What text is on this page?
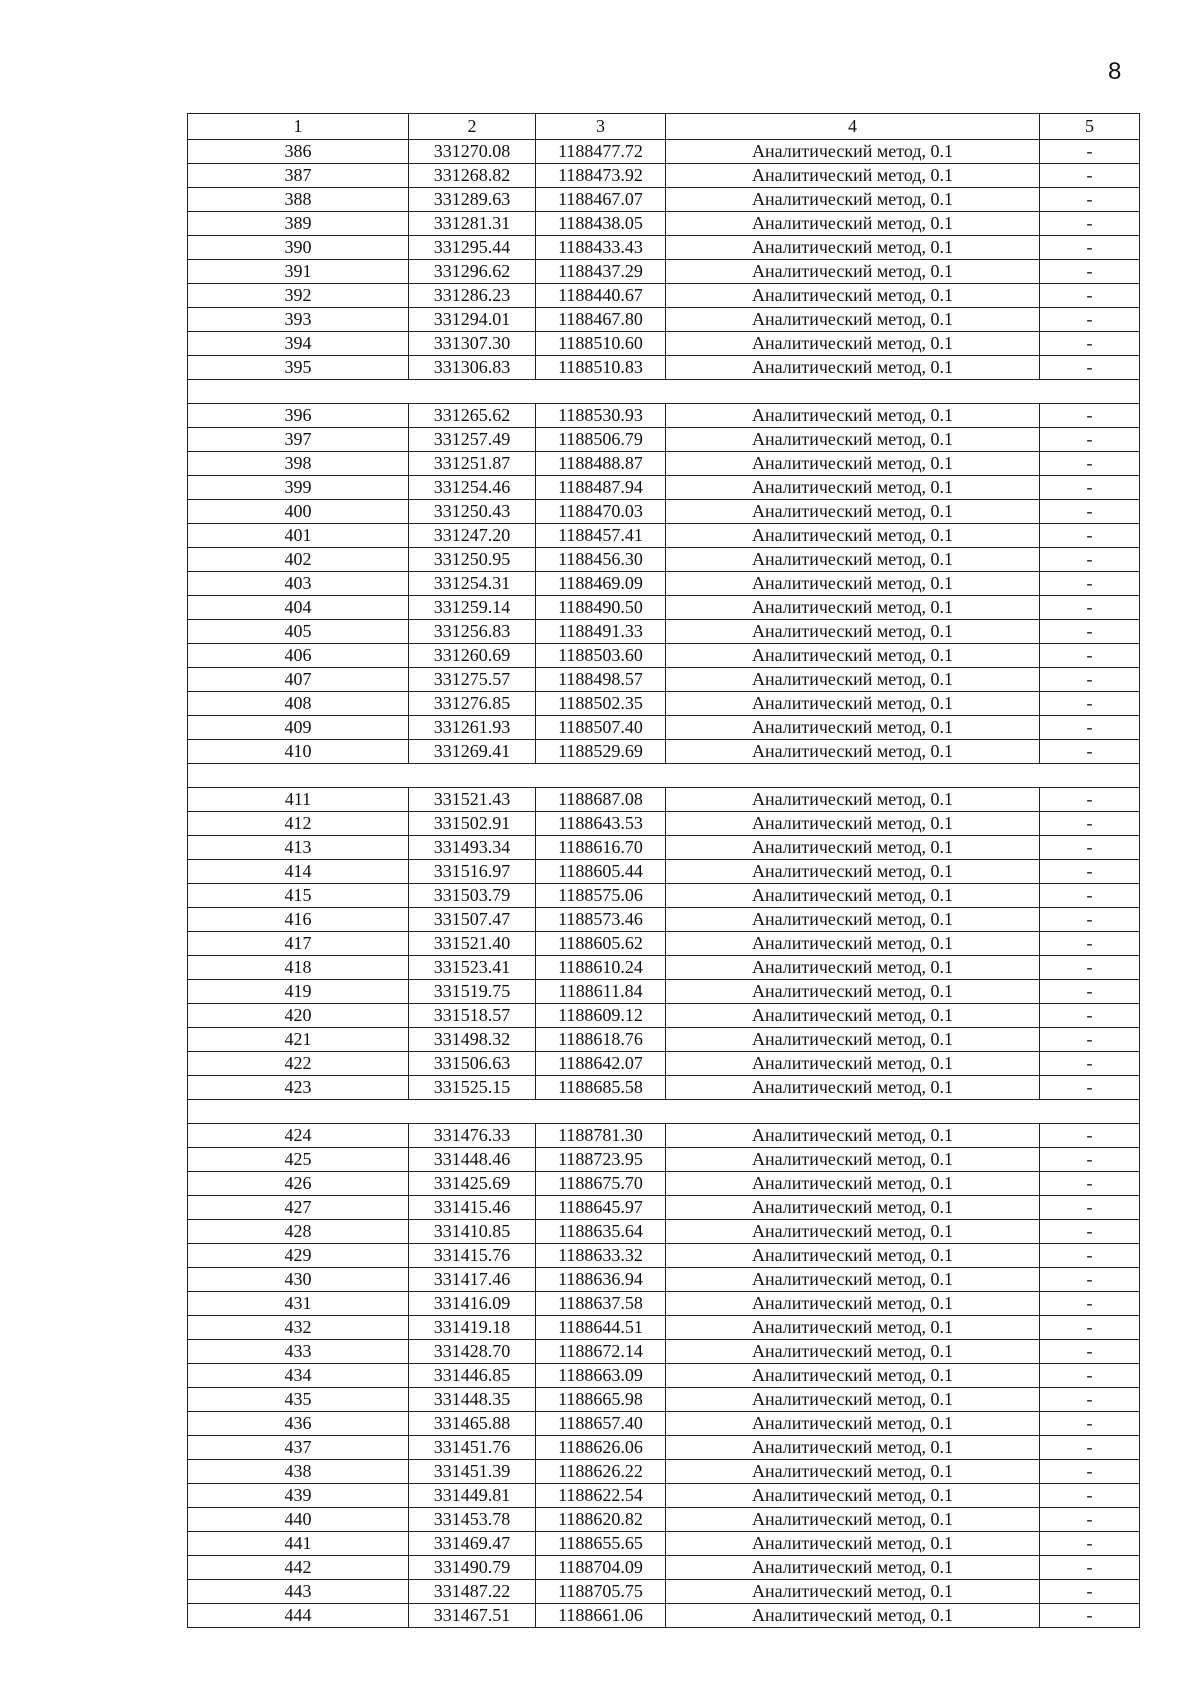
8
1	2	3	4	5
386	331270.08	1188477.72	Аналитический метод, 0.1	-
387	331268.82	1188473.92	Аналитический метод, 0.1	-
388	331289.63	1188467.07	Аналитический метод, 0.1	-
389	331281.31	1188438.05	Аналитический метод, 0.1	-
390	331295.44	1188433.43	Аналитический метод, 0.1	-
391	331296.62	1188437.29	Аналитический метод, 0.1	-
392	331286.23	1188440.67	Аналитический метод, 0.1	-
393	331294.01	1188467.80	Аналитический метод, 0.1	-
394	331307.30	1188510.60	Аналитический метод, 0.1	-
395	331306.83	1188510.83	Аналитический метод, 0.1	-

396	331265.62	1188530.93	Аналитический метод, 0.1	-
397	331257.49	1188506.79	Аналитический метод, 0.1	-
398	331251.87	1188488.87	Аналитический метод, 0.1	-
399	331254.46	1188487.94	Аналитический метод, 0.1	-
400	331250.43	1188470.03	Аналитический метод, 0.1	-
401	331247.20	1188457.41	Аналитический метод, 0.1	-
402	331250.95	1188456.30	Аналитический метод, 0.1	-
403	331254.31	1188469.09	Аналитический метод, 0.1	-
404	331259.14	1188490.50	Аналитический метод, 0.1	-
405	331256.83	1188491.33	Аналитический метод, 0.1	-
406	331260.69	1188503.60	Аналитический метод, 0.1	-
407	331275.57	1188498.57	Аналитический метод, 0.1	-
408	331276.85	1188502.35	Аналитический метод, 0.1	-
409	331261.93	1188507.40	Аналитический метод, 0.1	-
410	331269.41	1188529.69	Аналитический метод, 0.1	-

411	331521.43	1188687.08	Аналитический метод, 0.1	-
412	331502.91	1188643.53	Аналитический метод, 0.1	-
413	331493.34	1188616.70	Аналитический метод, 0.1	-
414	331516.97	1188605.44	Аналитический метод, 0.1	-
415	331503.79	1188575.06	Аналитический метод, 0.1	-
416	331507.47	1188573.46	Аналитический метод, 0.1	-
417	331521.40	1188605.62	Аналитический метод, 0.1	-
418	331523.41	1188610.24	Аналитический метод, 0.1	-
419	331519.75	1188611.84	Аналитический метод, 0.1	-
420	331518.57	1188609.12	Аналитический метод, 0.1	-
421	331498.32	1188618.76	Аналитический метод, 0.1	-
422	331506.63	1188642.07	Аналитический метод, 0.1	-
423	331525.15	1188685.58	Аналитический метод, 0.1	-

424	331476.33	1188781.30	Аналитический метод, 0.1	-
425	331448.46	1188723.95	Аналитический метод, 0.1	-
426	331425.69	1188675.70	Аналитический метод, 0.1	-
427	331415.46	1188645.97	Аналитический метод, 0.1	-
428	331410.85	1188635.64	Аналитический метод, 0.1	-
429	331415.76	1188633.32	Аналитический метод, 0.1	-
430	331417.46	1188636.94	Аналитический метод, 0.1	-
431	331416.09	1188637.58	Аналитический метод, 0.1	-
432	331419.18	1188644.51	Аналитический метод, 0.1	-
433	331428.70	1188672.14	Аналитический метод, 0.1	-
434	331446.85	1188663.09	Аналитический метод, 0.1	-
435	331448.35	1188665.98	Аналитический метод, 0.1	-
436	331465.88	1188657.40	Аналитический метод, 0.1	-
437	331451.76	1188626.06	Аналитический метод, 0.1	-
438	331451.39	1188626.22	Аналитический метод, 0.1	-
439	331449.81	1188622.54	Аналитический метод, 0.1	-
440	331453.78	1188620.82	Аналитический метод, 0.1	-
441	331469.47	1188655.65	Аналитический метод, 0.1	-
442	331490.79	1188704.09	Аналитический метод, 0.1	-
443	331487.22	1188705.75	Аналитический метод, 0.1	-
444	331467.51	1188661.06	Аналитический метод, 0.1	-
